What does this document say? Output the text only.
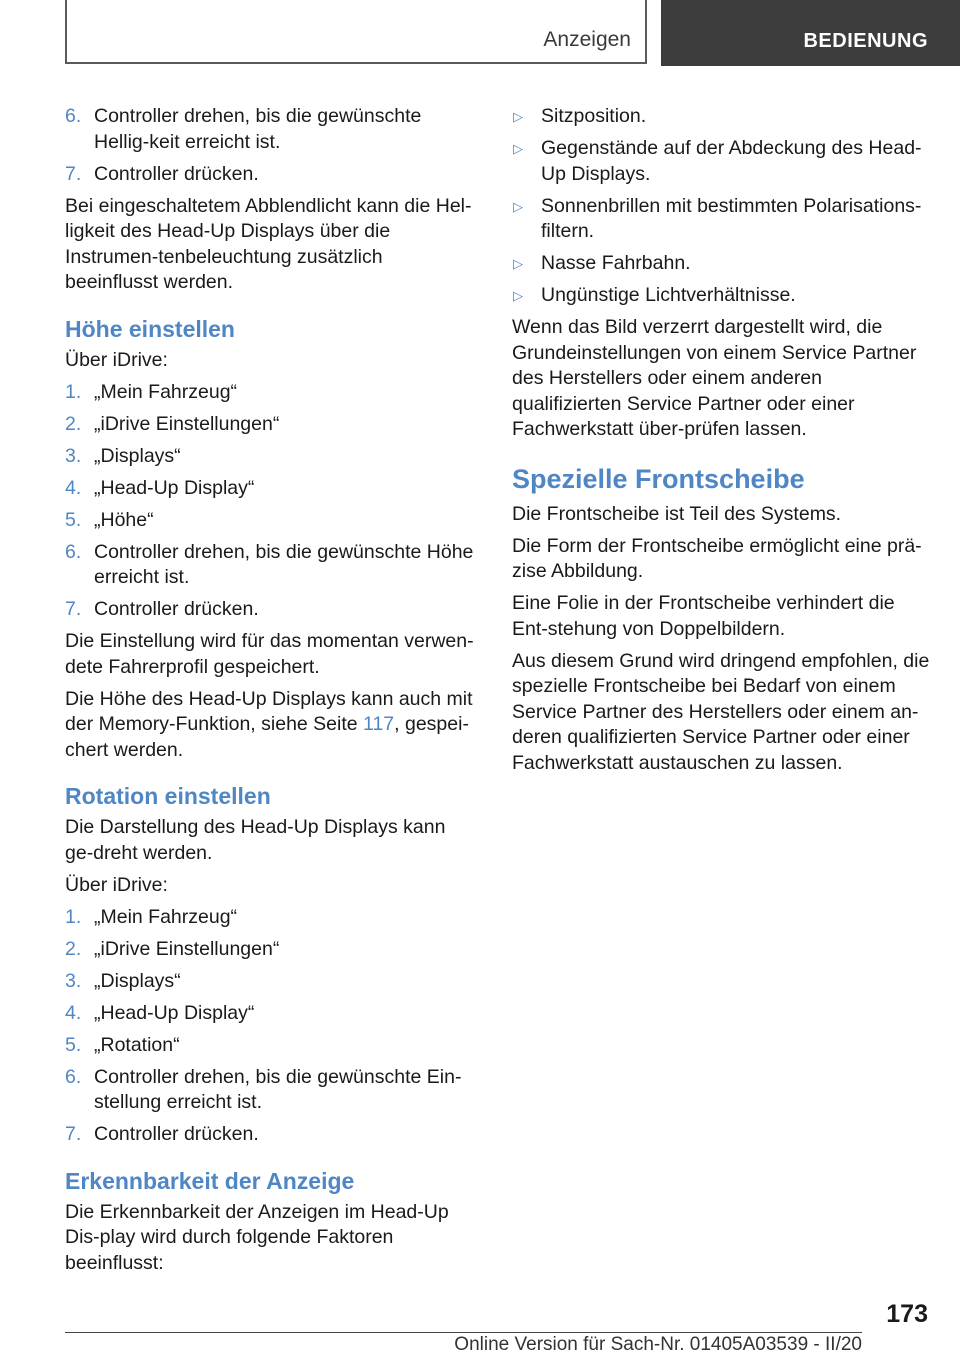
Anzeigen	BEDIENUNG
6. Controller drehen, bis die gewünschte Hellig‐keit erreicht ist.
7. Controller drücken.

Bei eingeschaltetem Abblendlicht kann die Hel‐ligkeit des Head-Up Displays über die Instrumen‐tenbeleuchtung zusätzlich beeinflusst werden.

Höhe einstellen

Über iDrive:

1. „Mein Fahrzeug“
2. „iDrive Einstellungen“
3. „Displays“
4. „Head-Up Display“
5. „Höhe“
6. Controller drehen, bis die gewünschte Höhe erreicht ist.
7. Controller drücken.

Die Einstellung wird für das momentan verwen‐dete Fahrerprofil gespeichert.

Die Höhe des Head-Up Displays kann auch mit der Memory-Funktion, siehe Seite 117, gespei‐chert werden.

Rotation einstellen

Die Darstellung des Head-Up Displays kann ge‐dreht werden.

Über iDrive:

1. „Mein Fahrzeug“
2. „iDrive Einstellungen“
3. „Displays“
4. „Head-Up Display“
5. „Rotation“
6. Controller drehen, bis die gewünschte Ein‐stellung erreicht ist.
7. Controller drücken.
Erkennbarkeit der Anzeige

Die Erkennbarkeit der Anzeigen im Head-Up Dis‐play wird durch folgende Faktoren beeinflusst:

▷ Sitzposition.
▷ Gegenstände auf der Abdeckung des Head-Up Displays.
▷ Sonnenbrillen mit bestimmten Polarisations‐filtern.
▷ Nasse Fahrbahn.
▷ Ungünstige Lichtverhältnisse.

Wenn das Bild verzerrt dargestellt wird, die Grundeinstellungen von einem Service Partner des Herstellers oder einem anderen qualifizierten Service Partner oder einer Fachwerkstatt über‐prüfen lassen.

Spezielle Frontscheibe

Die Frontscheibe ist Teil des Systems.

Die Form der Frontscheibe ermöglicht eine prä‐zise Abbildung.

Eine Folie in der Frontscheibe verhindert die Ent‐stehung von Doppelbildern.

Aus diesem Grund wird dringend empfohlen, die spezielle Frontscheibe bei Bedarf von einem Service Partner des Herstellers oder einem an‐deren qualifizierten Service Partner oder einer Fachwerkstatt austauschen zu lassen.

173
Online Version für Sach-Nr. 01405A03539 - II/20
